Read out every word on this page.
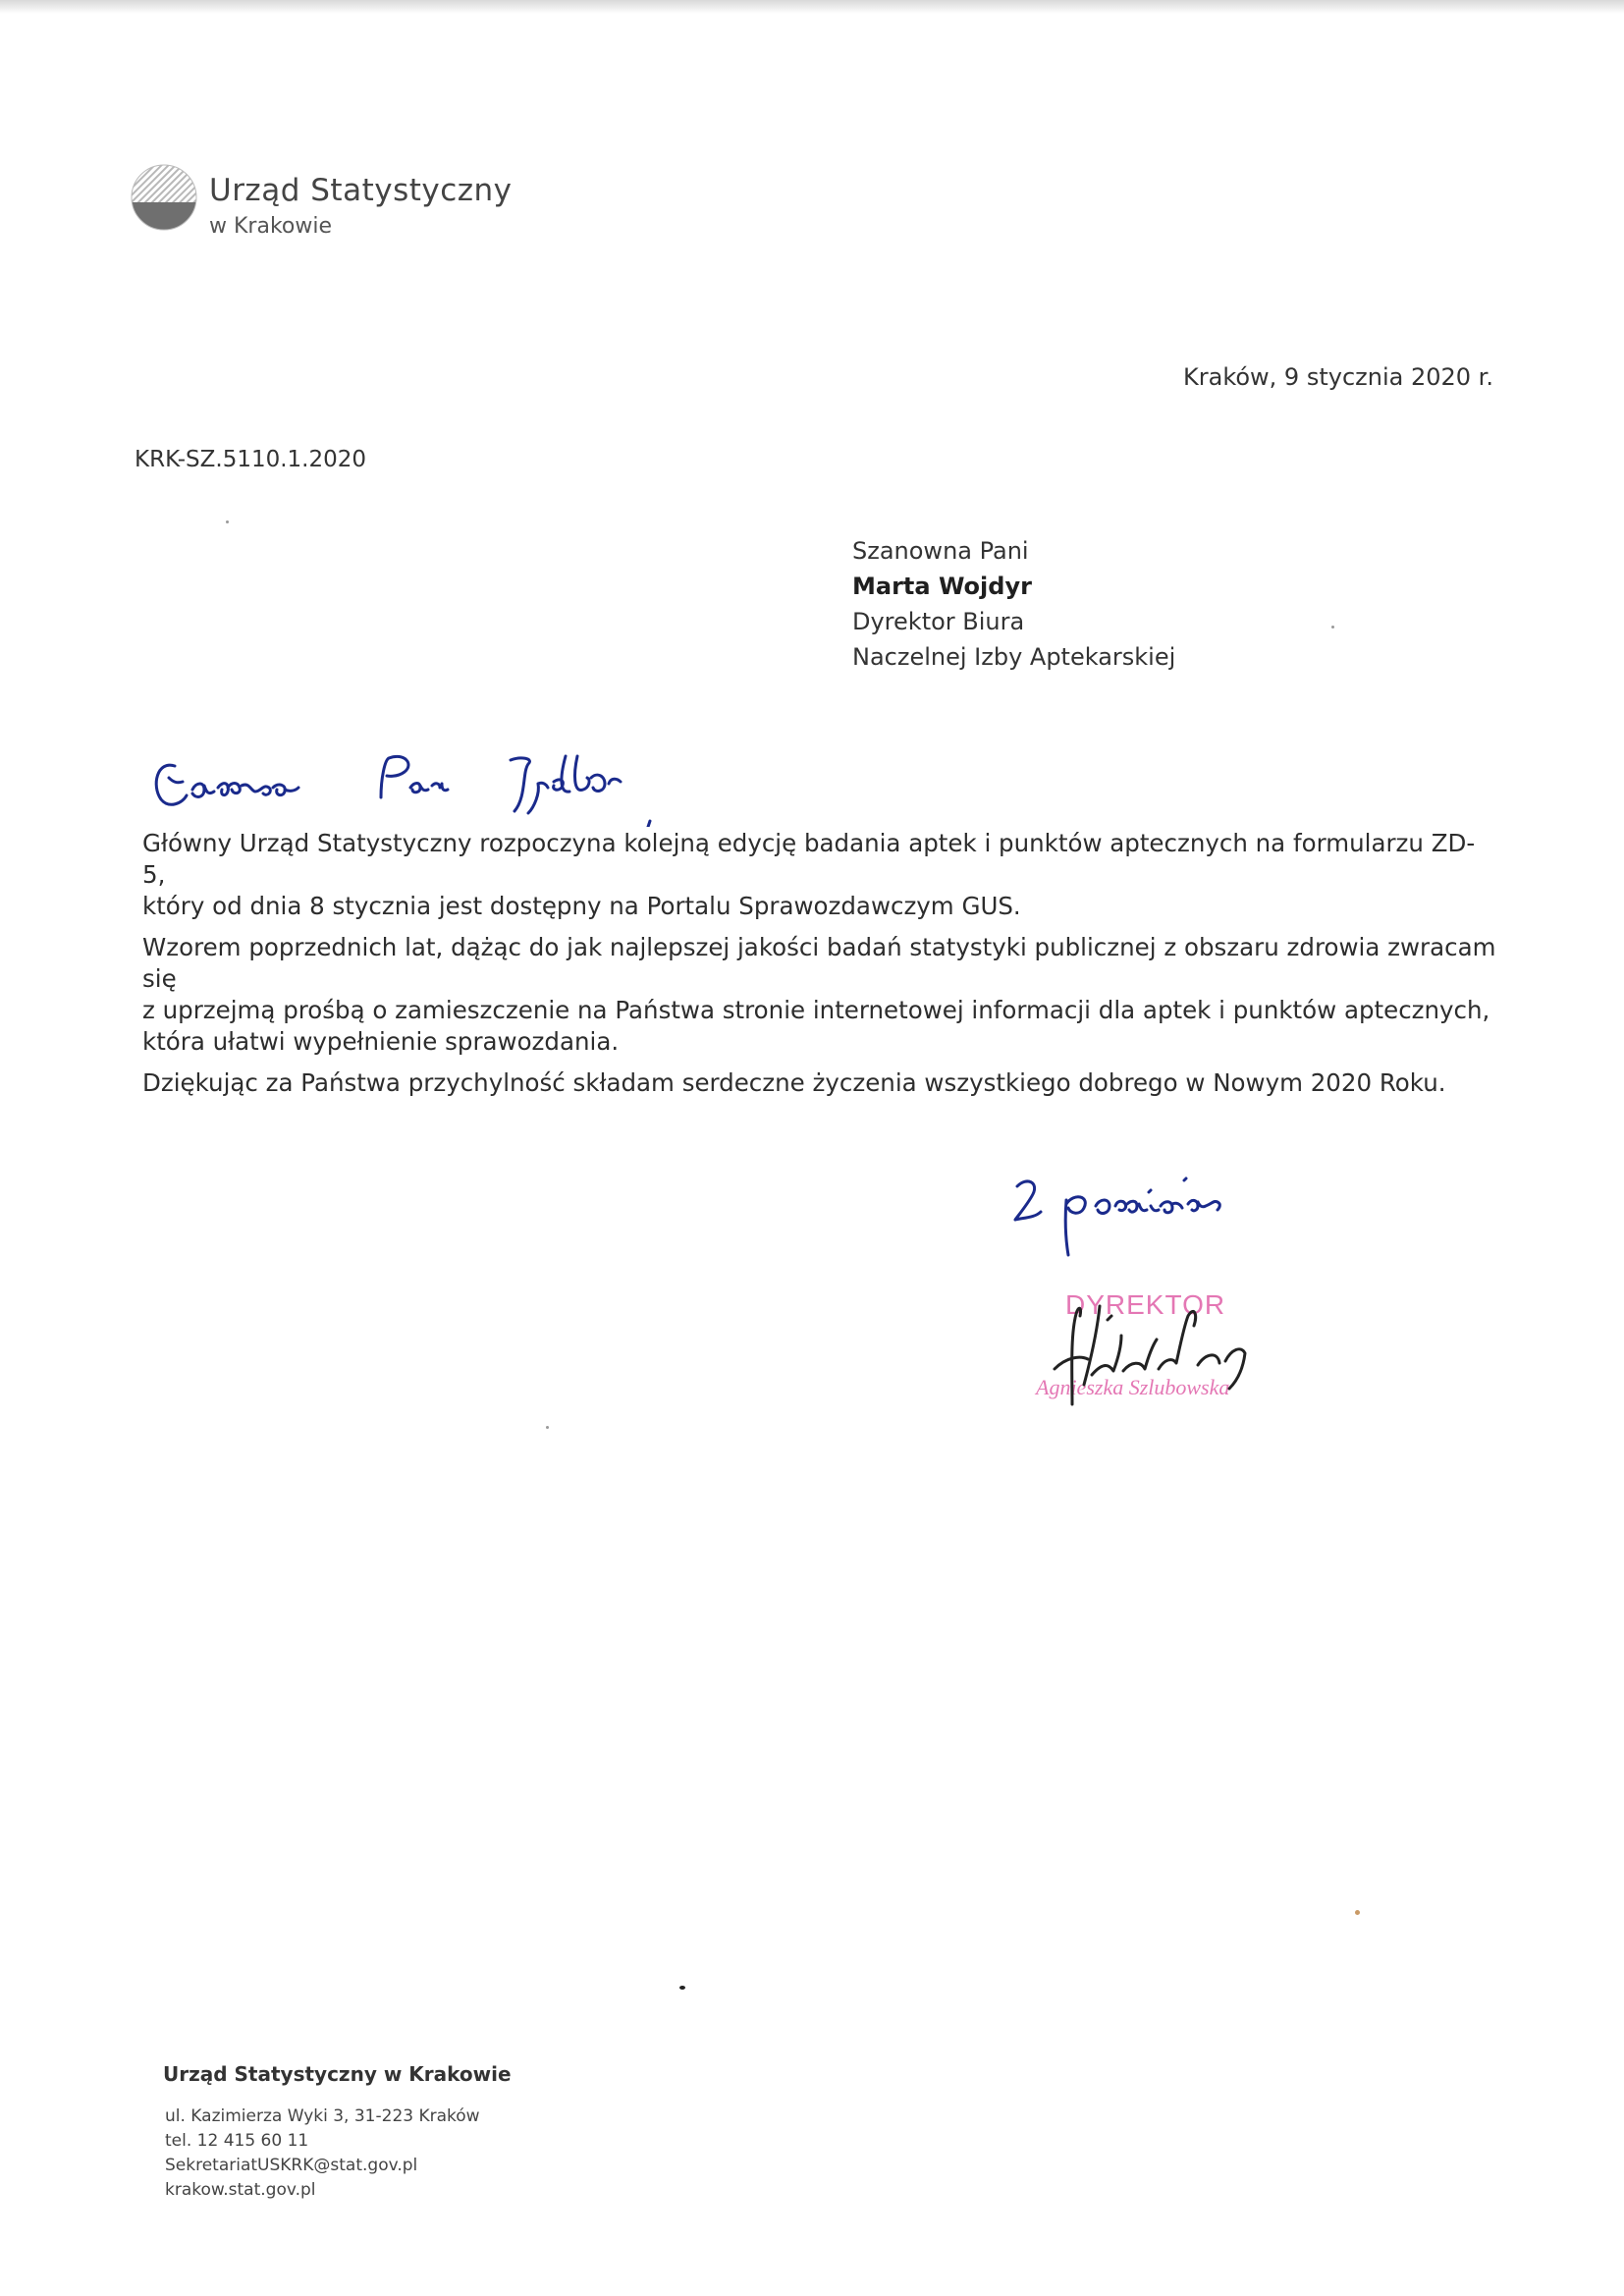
Urząd Statystyczny
w Krakowie
Kraków, 9 stycznia 2020 r.
KRK-SZ.5110.1.2020
Szanowna Pani
Marta Wojdyr
Dyrektor Biura
Naczelnej Izby Aptekarskiej

Główny Urząd Statystyczny rozpoczyna kolejną edycję badania aptek i punktów aptecznych na formularzu ZD-5,
który od dnia 8 stycznia jest dostępny na Portalu Sprawozdawczym GUS.

Wzorem poprzednich lat, dążąc do jak najlepszej jakości badań statystyki publicznej z obszaru zdrowia zwracam się
z uprzejmą prośbą o zamieszczenie na Państwa stronie internetowej informacji dla aptek i punktów aptecznych,
która ułatwi wypełnienie sprawozdania.

Dziękując za Państwa przychylność składam serdeczne życzenia wszystkiego dobrego w Nowym 2020 Roku.

DYREKTOR
Agnieszka Szlubowska
Urząd Statystyczny w Krakowie
ul. Kazimierza Wyki 3, 31-223 Kraków
tel. 12 415 60 11
SekretariatUSKRK@stat.gov.pl
krakow.stat.gov.pl
